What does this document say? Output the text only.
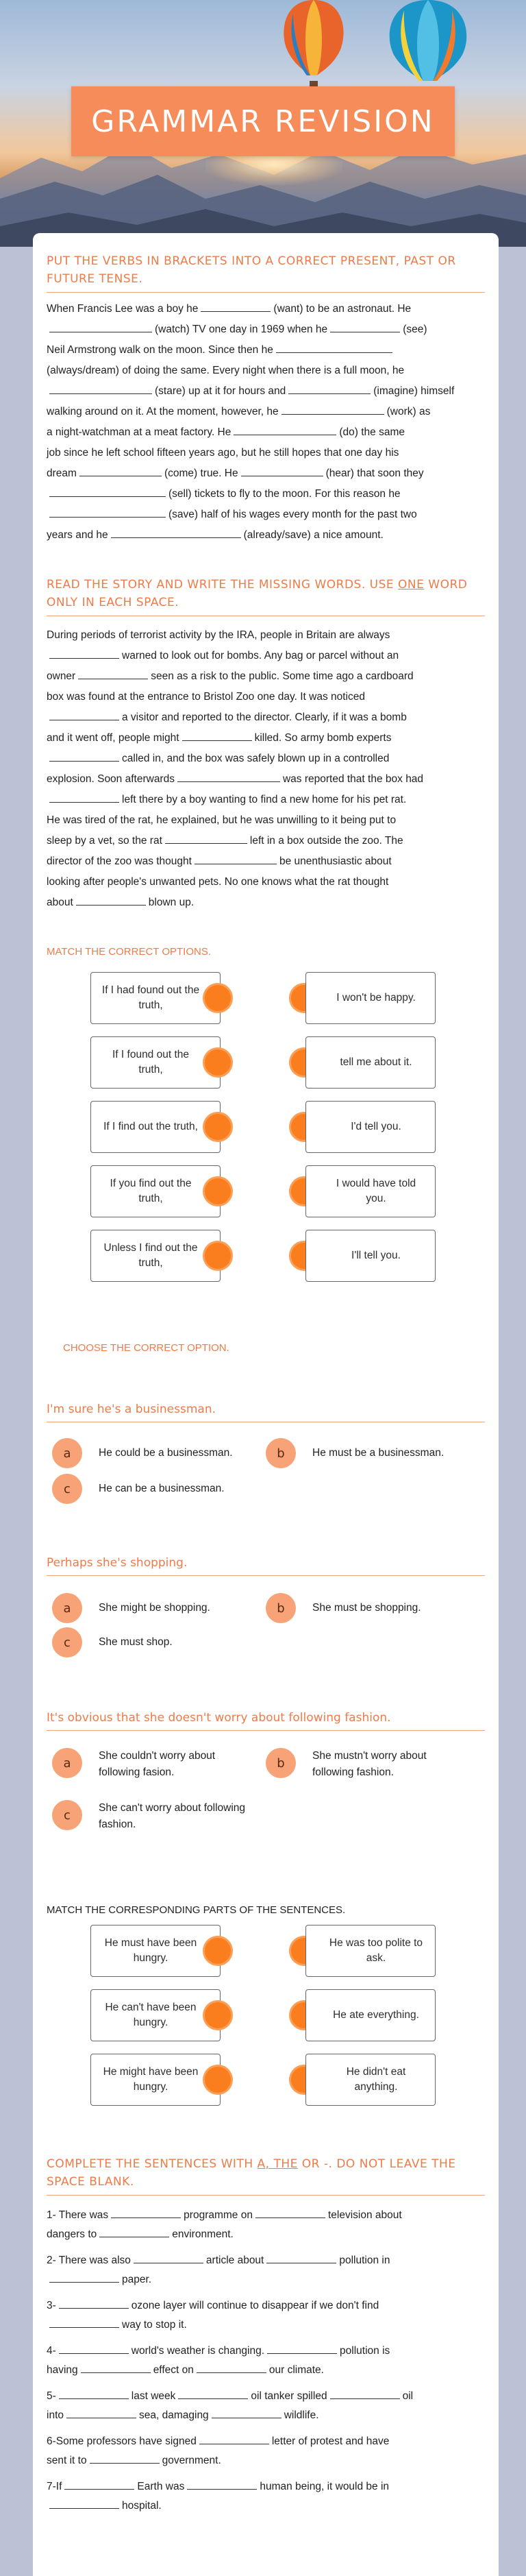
GRAMMAR REVISION
PUT THE VERBS IN BRACKETS INTO A CORRECT PRESENT, PAST OR FUTURE TENSE.
When Francis Lee was a boy he	(want) to be an astronaut. He
(watch) TV one day in 1969 when he	(see)
Neil Armstrong walk on the moon. Since then he
(always/dream) of doing the same. Every night when there is a full moon, he
(stare) up at it for hours and	(imagine) himself
walking around on it. At the moment, however, he	(work) as
a night-watchman at a meat factory. He	(do) the same
job since he left school fifteen years ago, but he still hopes that one day his
dream	(come) true. He	(hear) that soon they
(sell) tickets to fly to the moon. For this reason he
(save) half of his wages every month for the past two
years and he	(already/save) a nice amount.
READ THE STORY AND WRITE THE MISSING WORDS. USE ONE WORD ONLY IN EACH SPACE.
During periods of terrorist activity by the IRA, people in Britain are always
warned to look out for bombs. Any bag or parcel without an
owner	seen as a risk to the public. Some time ago a cardboard
box was found at the entrance to Bristol Zoo one day. It was noticed
a visitor and reported to the director. Clearly, if it was a bomb
and it went off, people might	killed. So army bomb experts
called in, and the box was safely blown up in a controlled
explosion. Soon afterwards	was reported that the box had
left there by a boy wanting to find a new home for his pet rat.
He was tired of the rat, he explained, but he was unwilling to it being put to
sleep by a vet, so the rat	left in a box outside the zoo. The
director of the zoo was thought	be unenthusiastic about
looking after people's unwanted pets. No one knows what the rat thought
about	blown up.
MATCH THE CORRECT OPTIONS.
If I had found out the truth,
I won't be happy.
If I found out the truth,
tell me about it.
If I find out the truth,	I'd tell you.
If you find out the truth,
I would have told you.
Unless I find out the truth,
I'll tell you.
CHOOSE THE CORRECT OPTION.
I'm sure he's a businessman.
a	He could be a businessman.	b	He must be a businessman.
c	He can be a businessman.
Perhaps she's shopping.
a	She might be shopping.	b	She must be shopping.
c	She must shop.
It's obvious that she doesn't worry about following fashion.
a	She couldn't worry about following fasion.
b	She mustn't worry about following fashion.
c	She can't worry about following fashion.
MATCH THE CORRESPONDING PARTS OF THE SENTENCES.
He must have been hungry.
He was too polite to ask.
He can't have been hungry.
He ate everything.
He might have been hungry.
He didn't eat anything.
COMPLETE THE SENTENCES WITH A, THE OR -. DO NOT LEAVE THE SPACE BLANK.
1- There was	programme on	television about
dangers to	environment.
2- There was also	article about	pollution in
paper.
3-	ozone layer will continue to disappear if we don't find
way to stop it.
4-	world's weather is changing.	pollution is
having	effect on	our climate.
5-	last week	oil tanker spilled	oil
into	sea, damaging	wildlife.
6-Some professors have signed	letter of protest and have
sent it to	government.
7-If	Earth was	human being, it would be in
hospital.
